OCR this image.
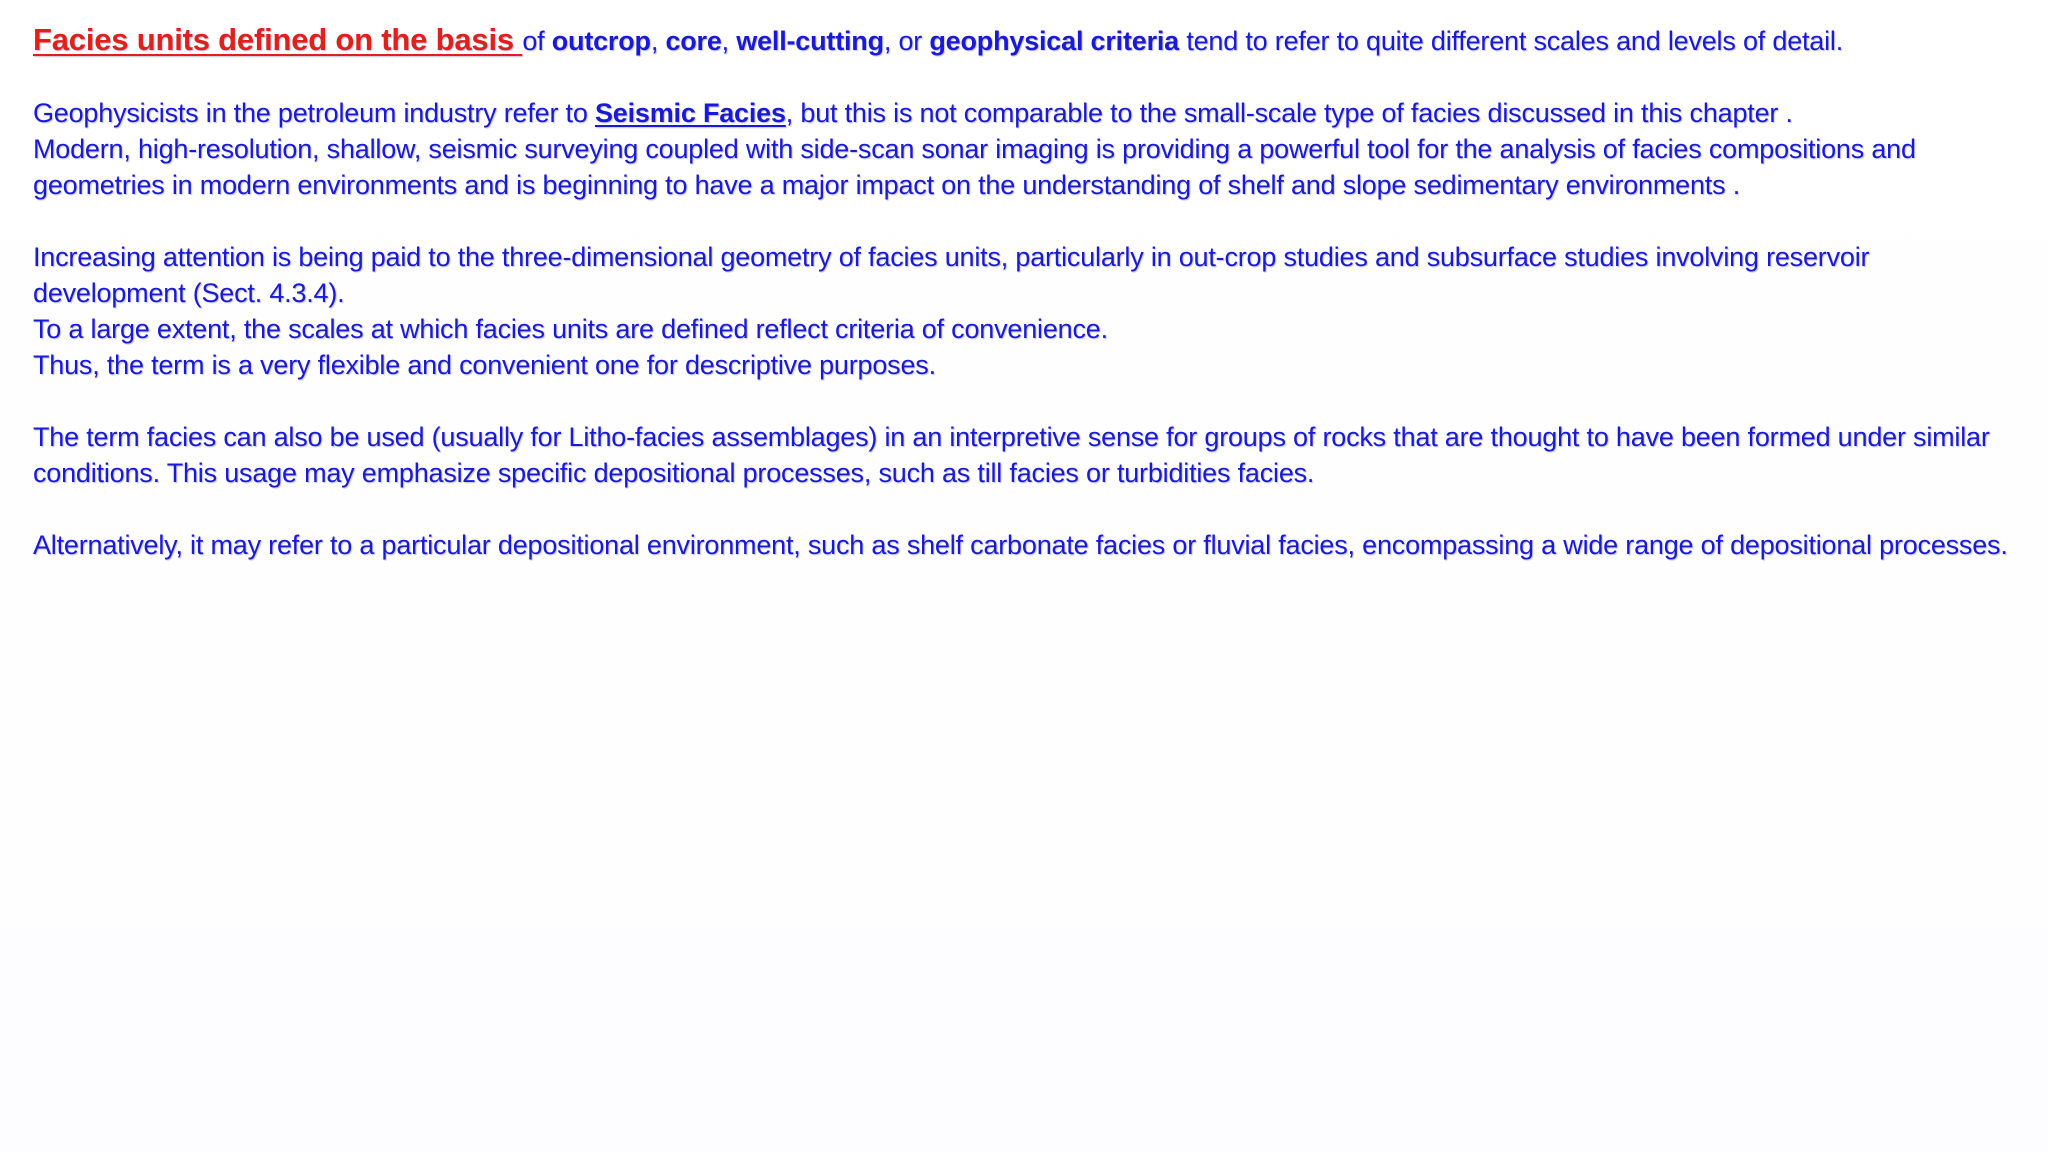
Facies units defined on the basis of outcrop, core, well-cutting, or geophysical criteria tend to refer to quite different scales and levels of detail.

Geophysicists in the petroleum industry refer to Seismic Facies, but this is not comparable to the small-scale type of facies discussed in this chapter .

Modern, high-resolution, shallow, seismic surveying coupled with side-scan sonar imaging is providing a powerful tool for the analysis of facies compositions and geometries in modern environments and is beginning to have a major impact on the understanding of shelf and slope sedimentary environments .

Increasing attention is being paid to the three-dimensional geometry of facies units, particularly in out-crop studies and subsurface studies involving reservoir development (Sect. 4.3.4).

To a large extent, the scales at which facies units are defined reflect criteria of convenience.

Thus, the term is a very flexible and convenient one for descriptive purposes.

The term facies can also be used (usually for Litho-facies assemblages) in an interpretive sense for groups of rocks that are thought to have been formed under similar conditions. This usage may emphasize specific depositional processes, such as till facies or turbidities facies.

Alternatively, it may refer to a particular depositional environment, such as shelf carbonate facies or fluvial facies, encompassing a wide range of depositional processes.
